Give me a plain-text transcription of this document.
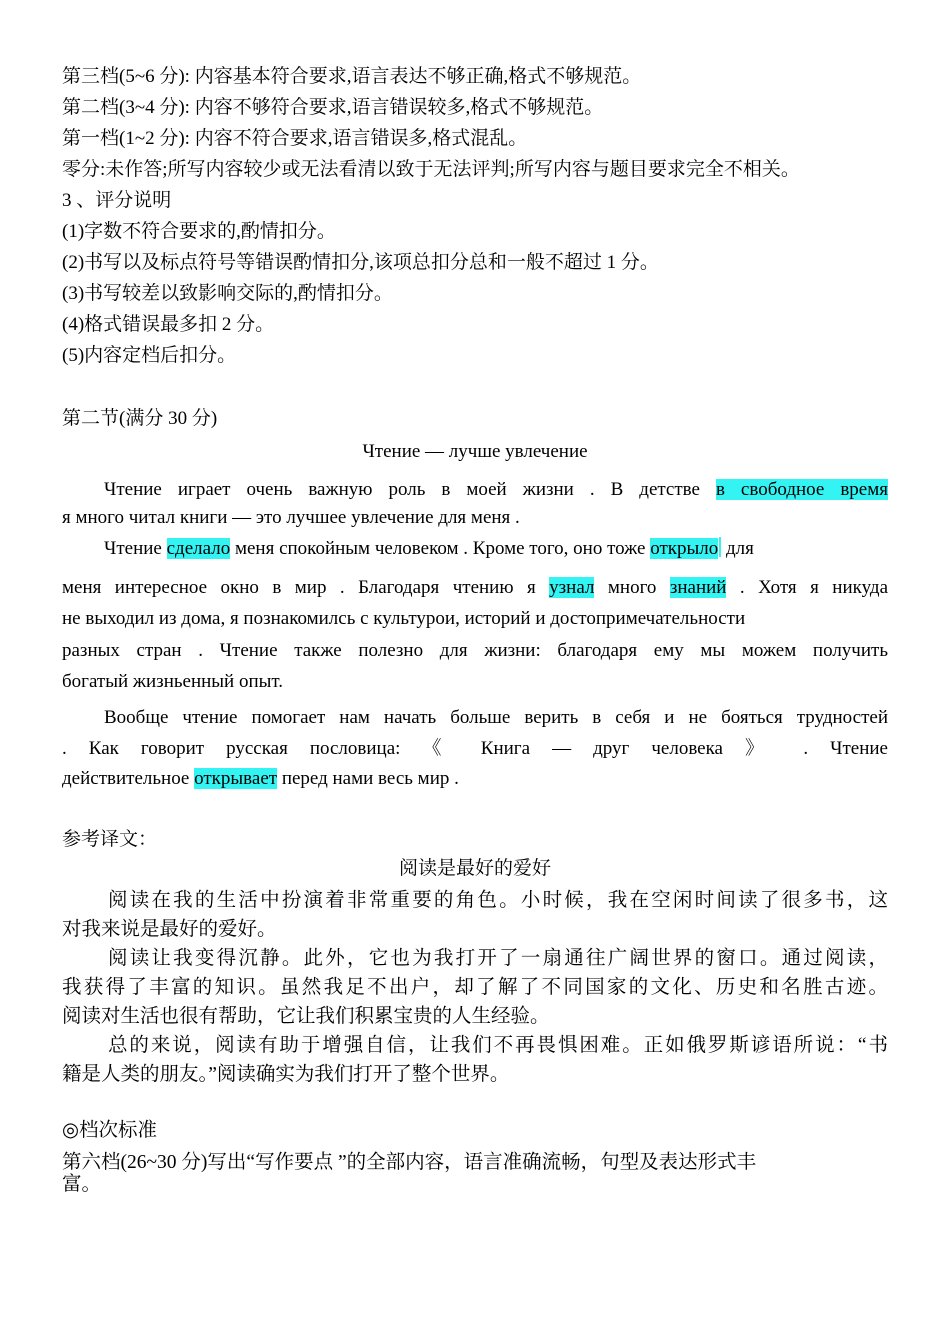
第三档(5~6 分): 内容基本符合要求,语言表达不够正确,格式不够规范。
第二档(3~4 分): 内容不够符合要求,语言错误较多,格式不够规范。
第一档(1~2 分): 内容不符合要求,语言错误多,格式混乱。
零分:未作答;所写内容较少或无法看清以致于无法评判;所写内容与题目要求完全不相关。
3 、评分说明
(1)字数不符合要求的,酌情扣分。
(2)书写以及标点符号等错误酌情扣分,该项总扣分总和一般不超过 1 分。
(3)书写较差以致影响交际的,酌情扣分。
(4)格式错误最多扣 2 分。
(5)内容定档后扣分。
第二节(满分 30 分)
Чтение — лучше увлечение
Чтение играет очень важную роль в моей жизни . В детстве в свободное время
я много читал книги — это лучшее увлечение для меня .
Чтение сделало меня спокойным человеком . Кроме того, оно тоже открыло для
меня интересное окно в мир . Благодаря чтению я узнал много знаний . Хотя я никуда
не выходил из дома, я познакомилсь с культурои, историй и достопримечательности
разных стран . Чтение также полезно для жизни: благодаря ему мы можем получить
богатый жизньенный опыт.
Вообще чтение помогает нам начать больше верить в себя и не бояться трудностей
. Как говорит русская пословица: 《 Книга — друг человека 》 . Чтение
действительное открывает перед нами весь мир .
参考译文：
阅读是最好的爱好
阅读在我的生活中扮演着非常重要的角色。小时候，我在空闲时间读了很多书，这
对我来说是最好的爱好。
阅读让我变得沉静。此外，它也为我打开了一扇通往广阔世界的窗口。通过阅读，
我获得了丰富的知识。虽然我足不出户，却了解了不同国家的文化、历史和名胜古迹。
阅读对生活也很有帮助，它让我们积累宝贵的人生经验。
总的来说，阅读有助于增强自信，让我们不再畏惧困难。正如俄罗斯谚语所说：“书
籍是人类的朋友。”阅读确实为我们打开了整个世界。
◎档次标准
第六档(26~30 分)写出“写作要点 ”的全部内容，语言准确流畅，句型及表达形式丰
富。
